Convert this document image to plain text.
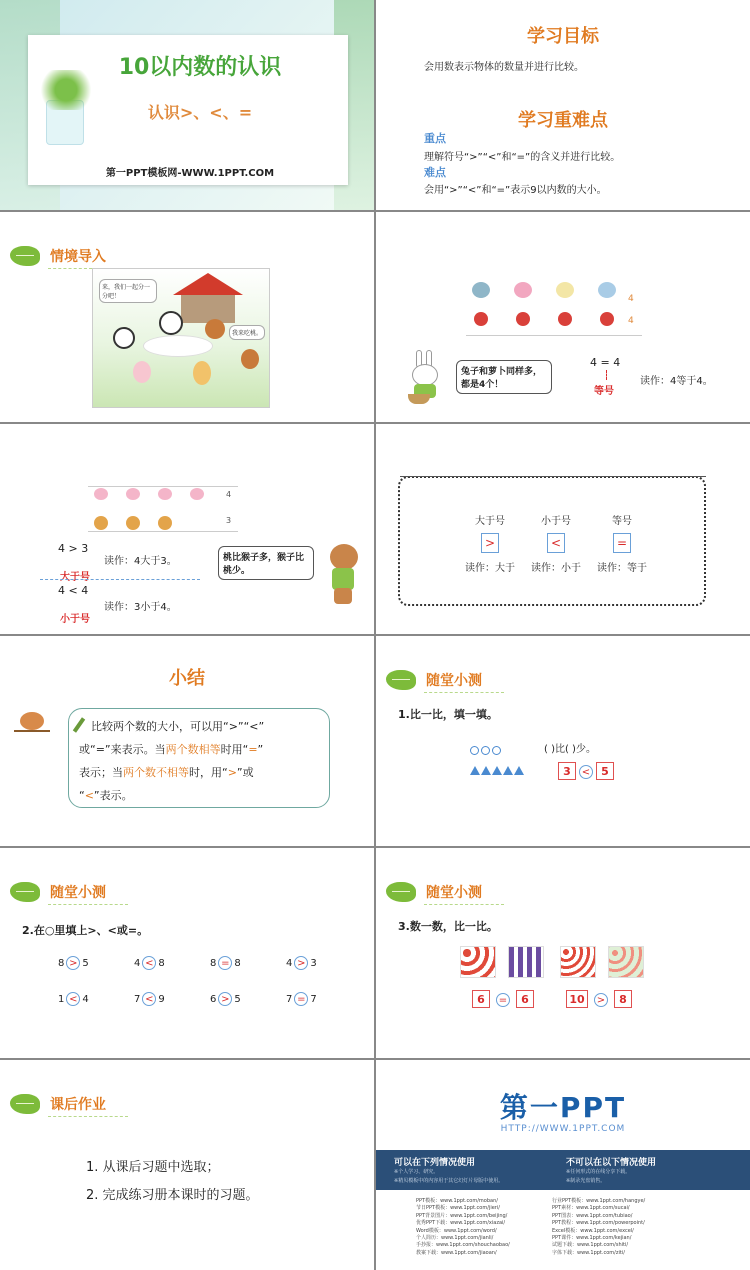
10以内数的认识
认识>、<、=
第一PPT模板网-WWW.1PPT.COM
学习目标
会用数表示物体的数量并进行比较。
学习重难点
重点
理解符号“>”“<”和“=”的含义并进行比较。
难点
会用“>”“<”和“=”表示9以内数的大小。
情境导入
来，我们一起分一分吧！
我来吃桃。
4
4
兔子和萝卜同样多，都是4个！
4 = 4
等号
读作：4等于4。
4
3
4 > 3
大于号
读作：4大于3。
4 < 4
小于号
读作：3小于4。
桃比猴子多，猴子比桃少。
大于号
>
读作：大于
小于号
<
读作：小于
等号
=
读作：等于
小结
比较两个数的大小，可以用“>”“<”
或“=”来表示。当两个数相等时用“=”
表示；当两个数不相等时，用“>”或
“<”表示。
随堂小测
1.比一比，填一填。
( )比( )少。
3 < 5
随堂小测
2.在○里填上>、<或=。
8 > 5	4 < 8	8 = 8	4 > 3
1 < 4	7 < 9	6 > 5	7 = 7
随堂小测
3.数一数，比一比。
6 = 6	10 > 8
课后作业
1. 从课后习题中选取；
2. 完成练习册本课时的习题。
第一PPT
HTTP://WWW.1PPT.COM
可以在下列情况使用
※个人学习、研究。
※精贝模板中的内容用于其它幻灯片母版中使用。
不可以在以下情况使用
※任何形式的在线分享下载。
※制录光盘销售。
PPT模板：www.1ppt.com/moban/
节日PPT模板：www.1ppt.com/jieri/
PPT背景图片：www.1ppt.com/beijing/
优秀PPT下载：www.1ppt.com/xiazai/
Word模板：www.1ppt.com/word/
个人简历：www.1ppt.com/jianli/
手抄报：www.1ppt.com/shouchaobao/
教案下载：www.1ppt.com/jiaoan/
行业PPT模板：www.1ppt.com/hangye/
PPT素材：www.1ppt.com/sucai/
PPT图表：www.1ppt.com/tubiao/
PPT教程：www.1ppt.com/powerpoint/
Excel模板：www.1ppt.com/excel/
PPT课件：www.1ppt.com/kejian/
试题下载：www.1ppt.com/shiti/
字体下载：www.1ppt.com/ziti/
